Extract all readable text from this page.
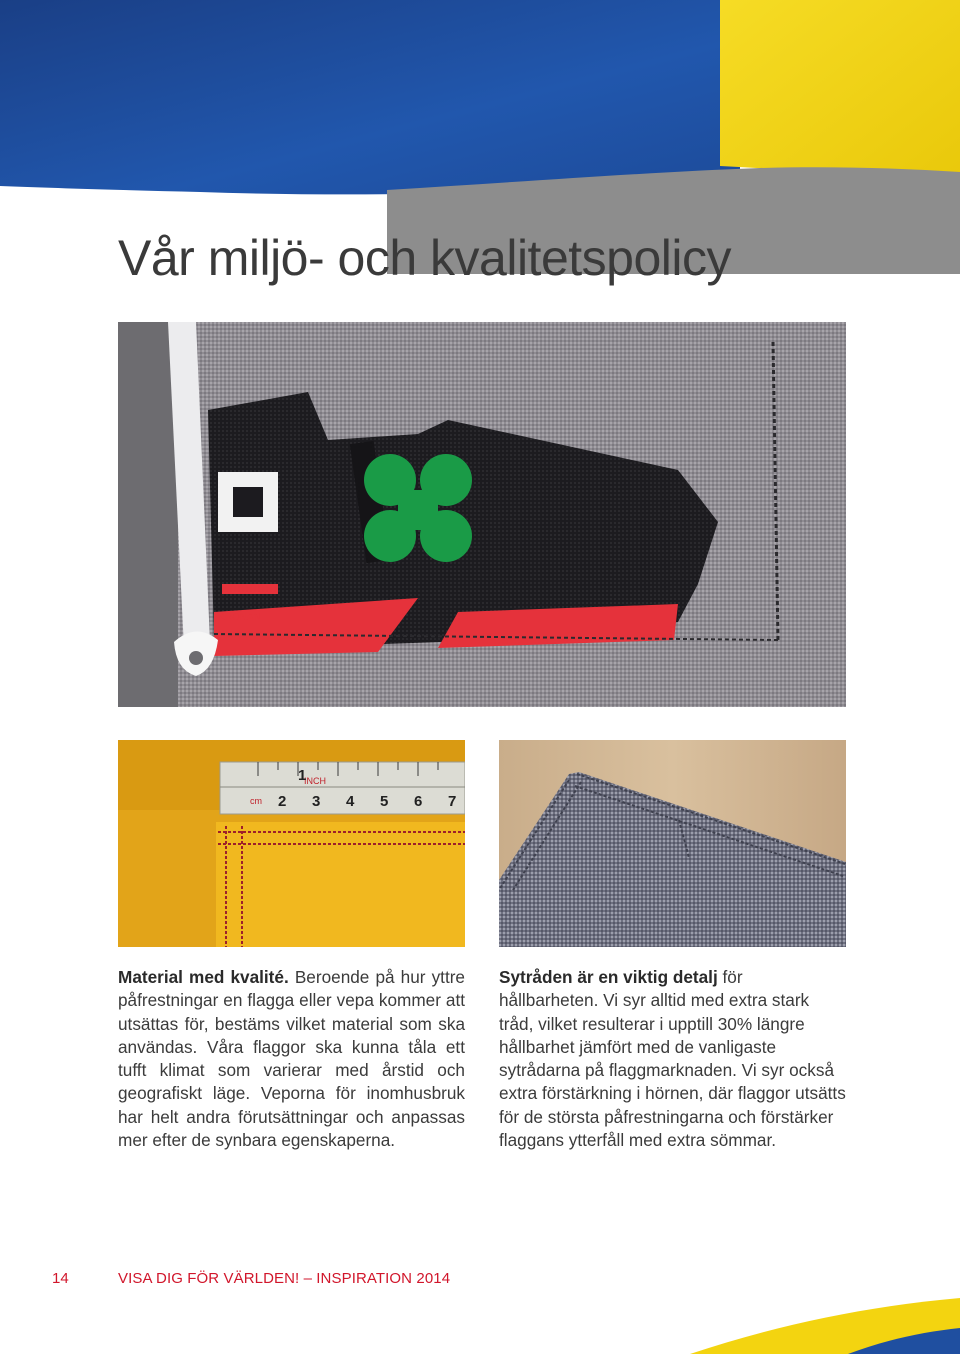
Vår miljö- och kvalitetspolicy
KRONAN
INCH
cm
1
2 3 4 5 6 7

Material med kvalité. Beroende på hur yttre påfrestningar en flagga eller vepa kommer att utsättas för, bestäms vilket material som ska användas. Våra flaggor ska kunna tåla ett tufft klimat som varierar med årstid och geografiskt läge. Veporna för inomhusbruk har helt andra förutsättningar och anpassas mer efter de synbara egenskaperna.

Sytråden är en viktig detalj för hållbarheten. Vi syr alltid med extra stark tråd, vilket resulterar i upptill 30% längre hållbarhet jämfört med de vanligaste sytrådarna på flaggmarknaden. Vi syr också extra förstärkning i hörnen, där flaggor utsätts för de största påfrestningarna och förstärker flaggans ytterfåll med extra sömmar.

14	VISA DIG FÖR VÄRLDEN! – INSPIRATION 2014
